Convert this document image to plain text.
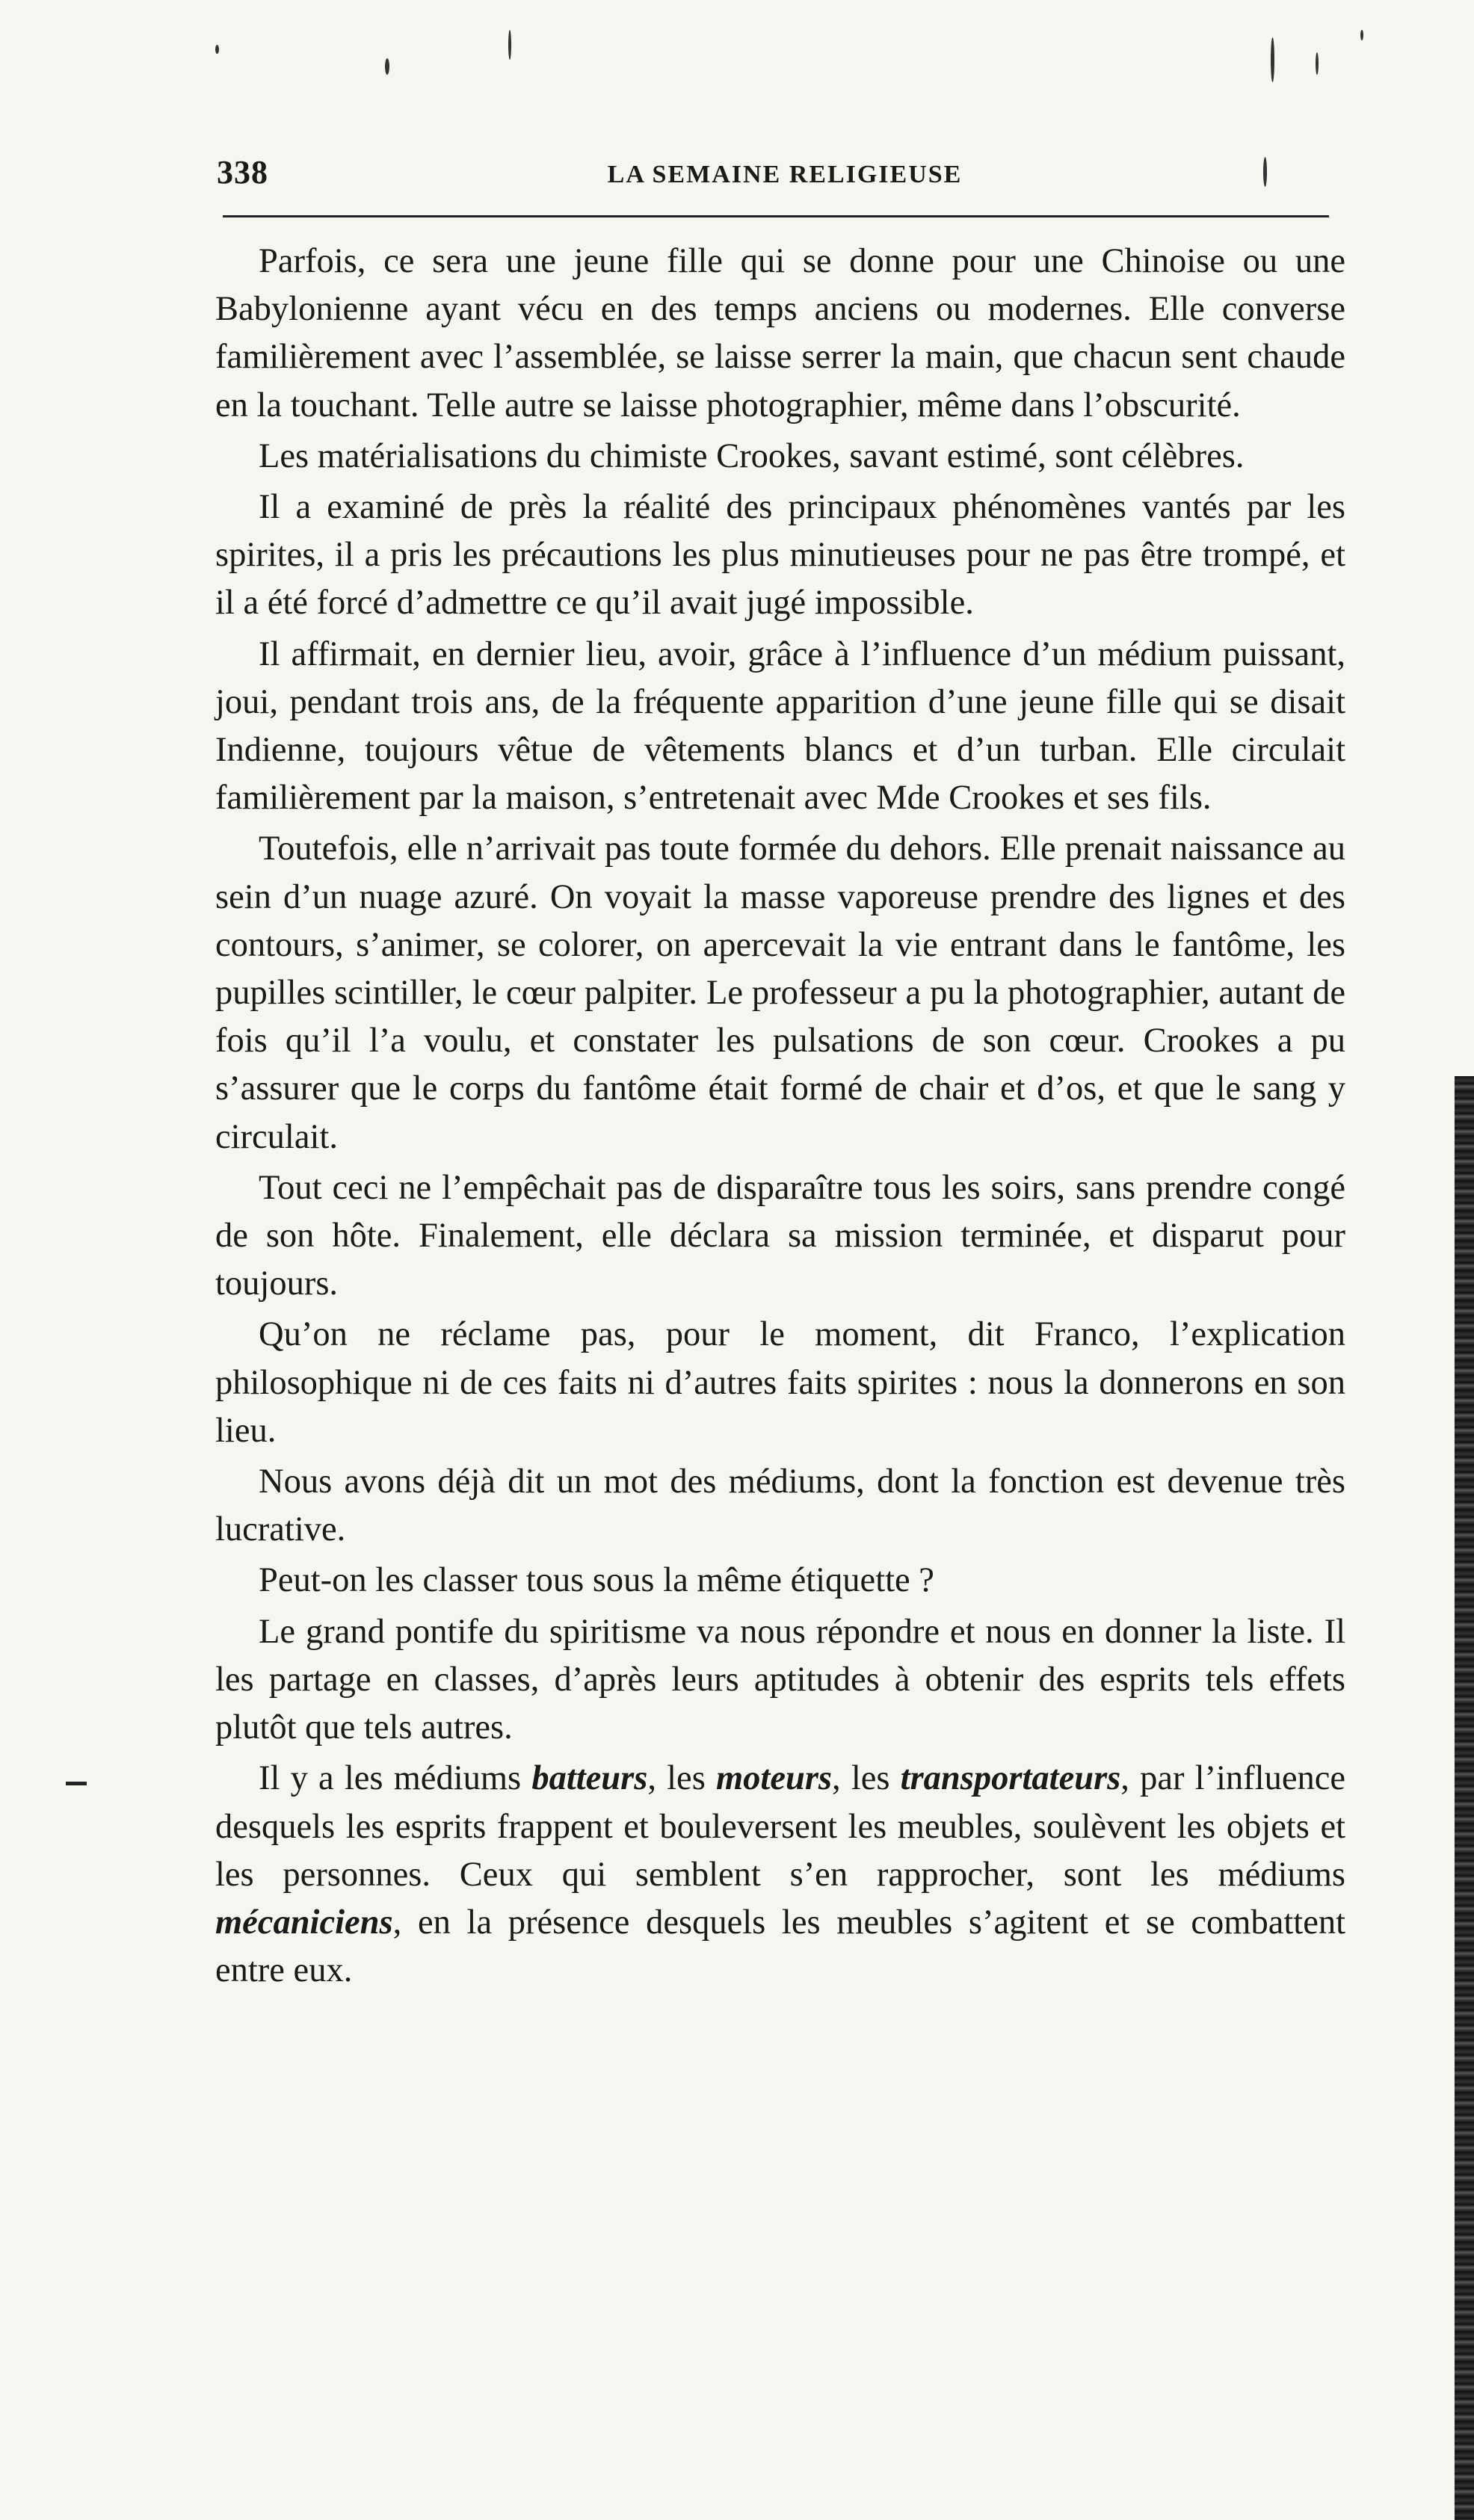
338	LA SEMAINE RELIGIEUSE

Parfois, ce sera une jeune fille qui se donne pour une Chinoise ou une Babylonienne ayant vécu en des temps anciens ou modernes. Elle converse familièrement avec l’assemblée, se laisse serrer la main, que chacun sent chaude en la touchant. Telle autre se laisse photographier, même dans l’obscurité.

Les matérialisations du chimiste Crookes, savant estimé, sont célèbres.

Il a examiné de près la réalité des principaux phénomènes vantés par les spirites, il a pris les précautions les plus minutieuses pour ne pas être trompé, et il a été forcé d’admettre ce qu’il avait jugé impossible.

Il affirmait, en dernier lieu, avoir, grâce à l’influence d’un médium puissant, joui, pendant trois ans, de la fréquente apparition d’une jeune fille qui se disait Indienne, toujours vêtue de vêtements blancs et d’un turban. Elle circulait familièrement par la maison, s’entretenait avec Mde Crookes et ses fils.

Toutefois, elle n’arrivait pas toute formée du dehors. Elle prenait naissance au sein d’un nuage azuré. On voyait la masse vaporeuse prendre des lignes et des contours, s’animer, se colorer, on apercevait la vie entrant dans le fantôme, les pupilles scintiller, le cœur palpiter. Le professeur a pu la photographier, autant de fois qu’il l’a voulu, et constater les pulsations de son cœur. Crookes a pu s’assurer que le corps du fantôme était formé de chair et d’os, et que le sang y circulait.

Tout ceci ne l’empêchait pas de disparaître tous les soirs, sans prendre congé de son hôte. Finalement, elle déclara sa mission terminée, et disparut pour toujours.

Qu’on ne réclame pas, pour le moment, dit Franco, l’explication philosophique ni de ces faits ni d’autres faits spirites : nous la donnerons en son lieu.

Nous avons déjà dit un mot des médiums, dont la fonction est devenue très lucrative.

Peut-on les classer tous sous la même étiquette ?

Le grand pontife du spiritisme va nous répondre et nous en donner la liste. Il les partage en classes, d’après leurs aptitudes à obtenir des esprits tels effets plutôt que tels autres.

Il y a les médiums batteurs, les moteurs, les transportateurs, par l’influence desquels les esprits frappent et bouleversent les meubles, soulèvent les objets et les personnes. Ceux qui semblent s’en rapprocher, sont les médiums mécaniciens, en la présence desquels les meubles s’agitent et se combattent entre eux.
